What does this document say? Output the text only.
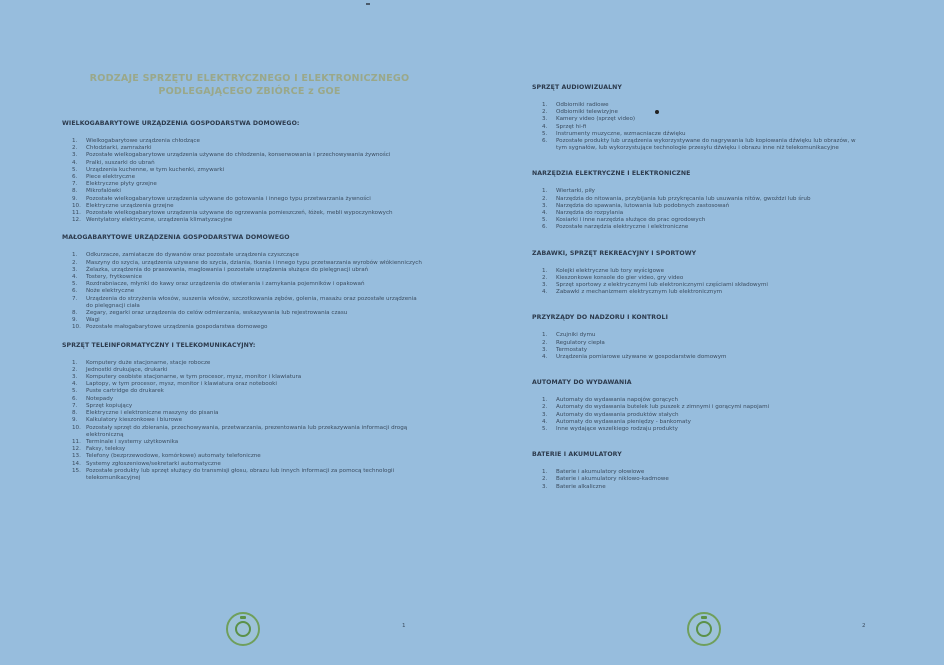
RODZAJE SPRZĘTU ELEKTRYCZNEGO I ELEKTRONICZNEGO
PODLEGAJĄCEGO ZBIÓRCE z GOE
WIELKOGABARYTOWE URZĄDZENIA GOSPODARSTWA DOMOWEGO:
1.	Wielkogabarytowe urządzenia chłodzące
2.	Chłodziarki, zamrażarki
3.	Pozostałe wielkogabarytowe urządzenia używane do chłodzenia, konserwowania i przechowywania żywności
4.	Pralki, suszarki do ubrań
5.	Urządzenia kuchenne, w tym kuchenki, zmywarki
6.	Piece elektryczne
7.	Elektryczne płyty grzejne
8.	Mikrofalówki
9.	Pozostałe wielkogabarytowe urządzenia używane do gotowania i innego typu przetwarzania żywności
10. Elektryczne urządzenia grzejne
11. Pozostałe wielkogabarytowe urządzenia używane do ogrzewania pomieszczeń, łóżek, mebli wypoczynkowych
12. Wentylatory elektryczne, urządzenia klimatyzacyjne
MAŁOGABARYTOWE URZĄDZENIA GOSPODARSTWA DOMOWEGO
1.	Odkurzacze, zamiatacze do dywanów oraz pozostałe urządzenia czyszczące
2.	Maszyny do szycia, urządzenia używane do szycia, dziania, tkania i innego typu przetwarzania wyrobów włókienniczych
3.	Żelazka, urządzenia do prasowania, maglowania i pozostałe urządzenia służące do pielęgnacji ubrań
4.	Tostery, frytkownice
5.	Rozdrabniacze, młynki do kawy oraz urządzenia do otwierania i zamykania pojemników i opakowań
6.	Noże elektryczne
7.	Urządzenia do strzyżenia włosów, suszenia włosów, szczotkowania zębów, golenia, masażu oraz pozostałe urządzenia do pielęgnacji ciała
8.	Zegary, zegarki oraz urządzenia do celów odmierzania, wskazywania lub rejestrowania czasu
9.	Wagi
10. Pozostałe małogabarytowe urządzenia gospodarstwa domowego
SPRZĘT TELEINFORMATYCZNY I TELEKOMUNIKACYJNY:
1.	Komputery duże stacjonarne, stacje robocze
2.	Jednostki drukujące, drukarki
3.	Komputery osobiste stacjonarne, w tym procesor, mysz, monitor i klawiatura
4.	Laptopy, w tym procesor, mysz, monitor i klawiatura oraz notebooki
5.	Puste cartridge do drukarek
6.	Notepady
7.	Sprzęt kopiujący
8.	Elektryczne i elektroniczne maszyny do pisania
9.	Kalkulatory kieszonkowe i biurowe
10. Pozostały sprzęt do zbierania, przechowywania, przetwarzania, prezentowania lub przekazywania informacji drogą elektroniczną
11. Terminale i systemy użytkownika
12. Faksy, teleksy
13. Telefony (bezprzewodowe, komórkowe) automaty telefoniczne
14. Systemy zgłoszeniowe/sekretarki automatyczne
15. Pozostałe produkty lub sprzęt służący do transmisji głosu, obrazu lub innych informacji za pomocą technologii telekomunikacyjnej
SPRZĘT AUDIOWIZUALNY
1.	Odbiorniki radiowe
2.	Odbiorniki telewizyjne
3.	Kamery video (sprzęt video)
4.	Sprzęt hi-fi
5.	Instrumenty muzyczne, wzmacniacze dźwięku
6.	Pozostałe produkty lub urządzenia wykorzystywane do nagrywania lub kopiowania dźwięku lub obrazów, w tym sygnałów, lub wykorzystujące technologie przesyłu dźwięku i obrazu inne niż telekomunikacyjne
NARZĘDZIA ELEKTRYCZNE I ELEKTRONICZNE
1.	Wiertarki, piły
2.	Narzędzia do nitowania, przybijania lub przykręcania lub usuwania nitów, gwoździ lub śrub
3.	Narzędzia do spawania, lutowania lub podobnych zastosowań
4.	Narzędzia do rozpylania
5.	Kosiarki i inne narzędzia służące do prac ogrodowych
6.	Pozostałe narzędzia elektryczne i elektroniczne
ZABAWKI, SPRZĘT REKREACYJNY I SPORTOWY
1.	Kolejki elektryczne lub tory wyścigowe
2.	Kieszonkowe konsole do gier video, gry video
3.	Sprzęt sportowy z elektrycznymi lub elektronicznymi częściami składowymi
4.	Zabawki z mechanizmem elektrycznym lub elektronicznym
PRZYRZĄDY DO NADZORU I KONTROLI
1.	Czujniki dymu
2.	Regulatory ciepła
3.	Termostaty
4.	Urządzenia pomiarowe używane w gospodarstwie domowym
AUTOMATY DO WYDAWANIA
1.	Automaty do wydawania napojów gorących
2.	Automaty do wydawania butelek lub puszek z zimnymi i gorącymi napojami
3.	Automaty do wydawania produktów stałych
4.	Automaty do wydawania pieniędzy - bankomaty
5.	Inne wydające wszelkiego rodzaju produkty
BATERIE I AKUMULATORY
1.	Baterie i akumulatory ołowiowe
2.	Baterie i akumulatory niklowo-kadmowe
3.	Baterie alkaliczne
1	2
